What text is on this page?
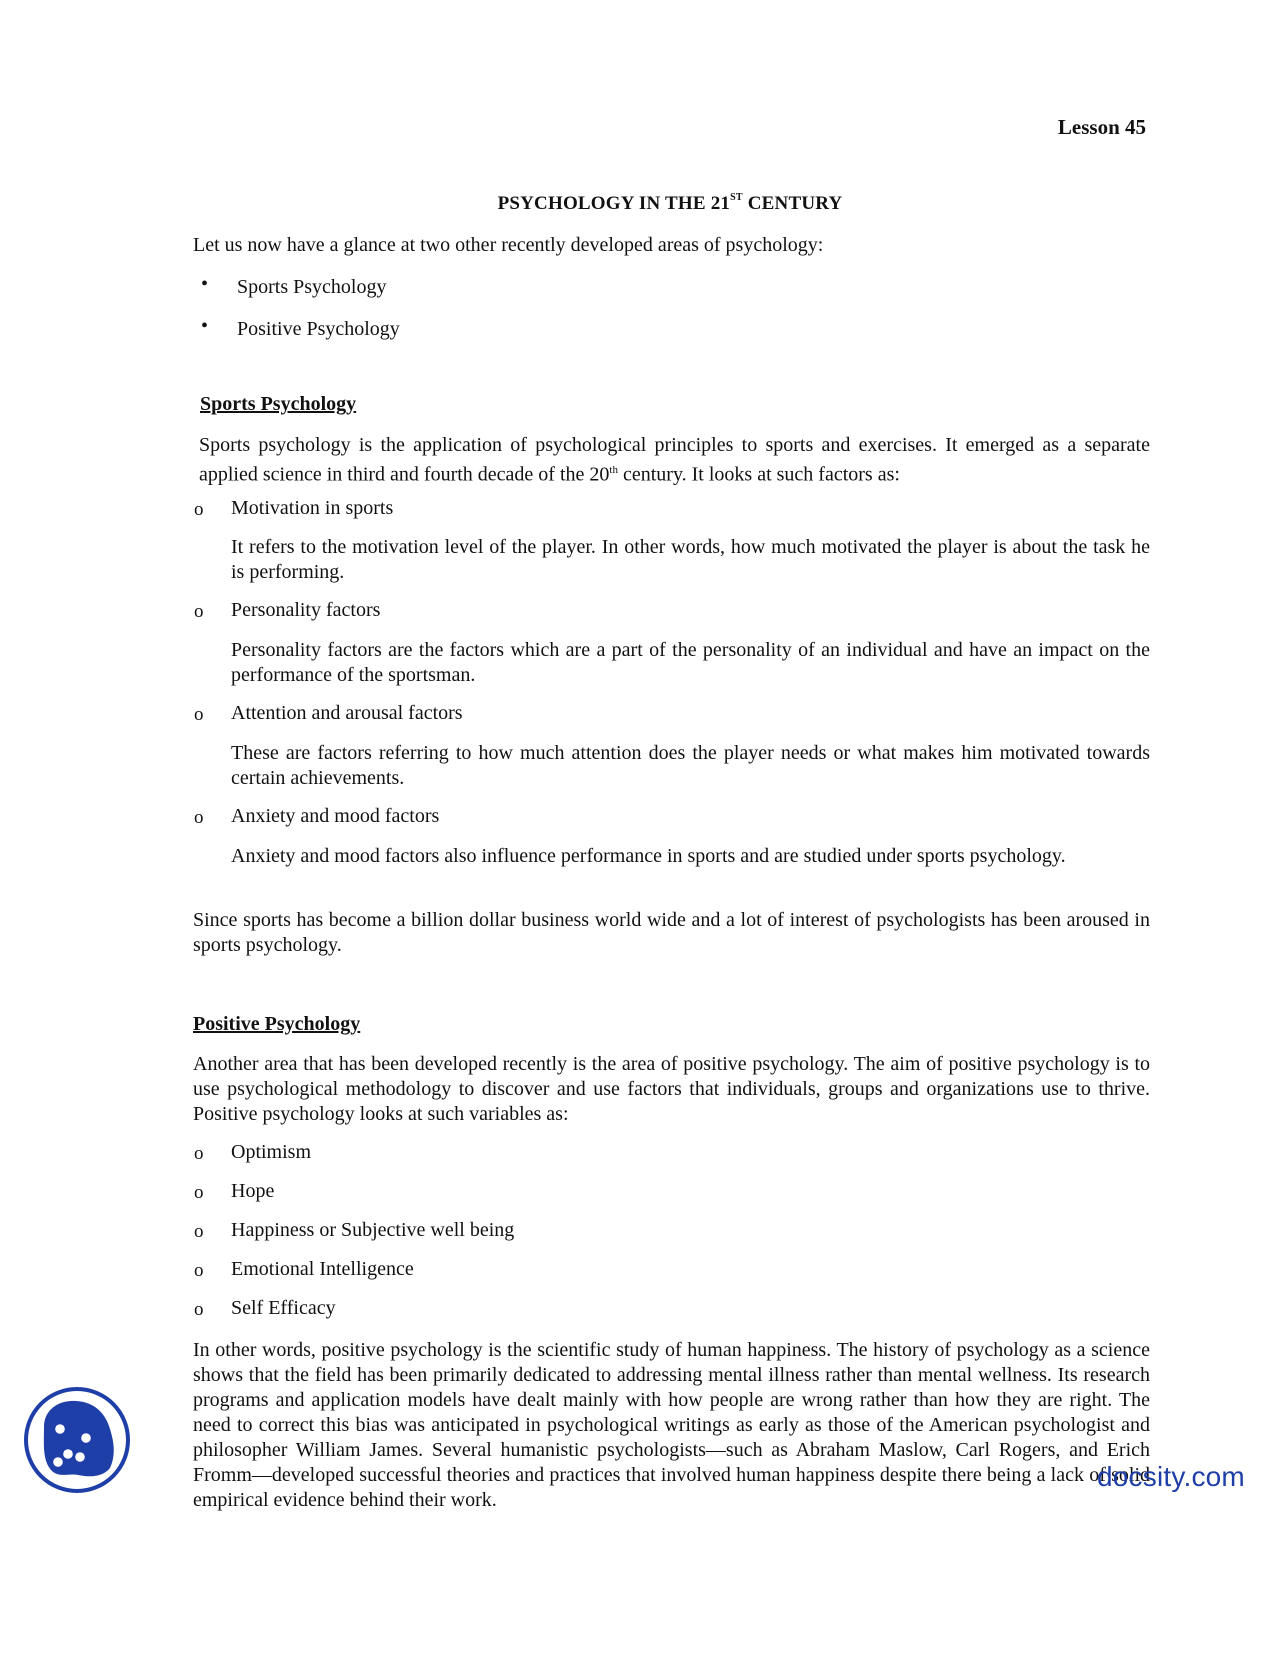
Lesson 45
PSYCHOLOGY IN THE 21ST CENTURY
Let us now have a glance at two other recently developed areas of psychology:
• Sports Psychology
• Positive Psychology
Sports Psychology
Sports psychology is the application of psychological principles to sports and exercises. It emerged as a separate applied science in third and fourth decade of the 20th century. It looks at such factors as:
o Motivation in sports
It refers to the motivation level of the player. In other words, how much motivated the player is about the task he is performing.
o Personality factors
Personality factors are the factors which are a part of the personality of an individual and have an impact on the performance of the sportsman.
o Attention and arousal factors
These are factors referring to how much attention does the player needs or what makes him motivated towards certain achievements.
o Anxiety and mood factors
Anxiety and mood factors also influence performance in sports and are studied under sports psychology.
Since sports has become a billion dollar business world wide and a lot of interest of psychologists has been aroused in sports psychology.
Positive Psychology
Another area that has been developed recently is the area of positive psychology. The aim of positive psychology is to use psychological methodology to discover and use factors that individuals, groups and organizations use to thrive. Positive psychology looks at such variables as:
o Optimism
o Hope
o Happiness or Subjective well being
o Emotional Intelligence
o Self Efficacy
In other words, positive psychology is the scientific study of human happiness. The history of psychology as a science shows that the field has been primarily dedicated to addressing mental illness rather than mental wellness. Its research programs and application models have dealt mainly with how people are wrong rather than how they are right. The need to correct this bias was anticipated in psychological writings as early as those of the American psychologist and philosopher William James. Several humanistic psychologists—such as Abraham Maslow, Carl Rogers, and Erich Fromm—developed successful theories and practices that involved human happiness despite there being a lack of solid empirical evidence behind their work.
docsity.com
